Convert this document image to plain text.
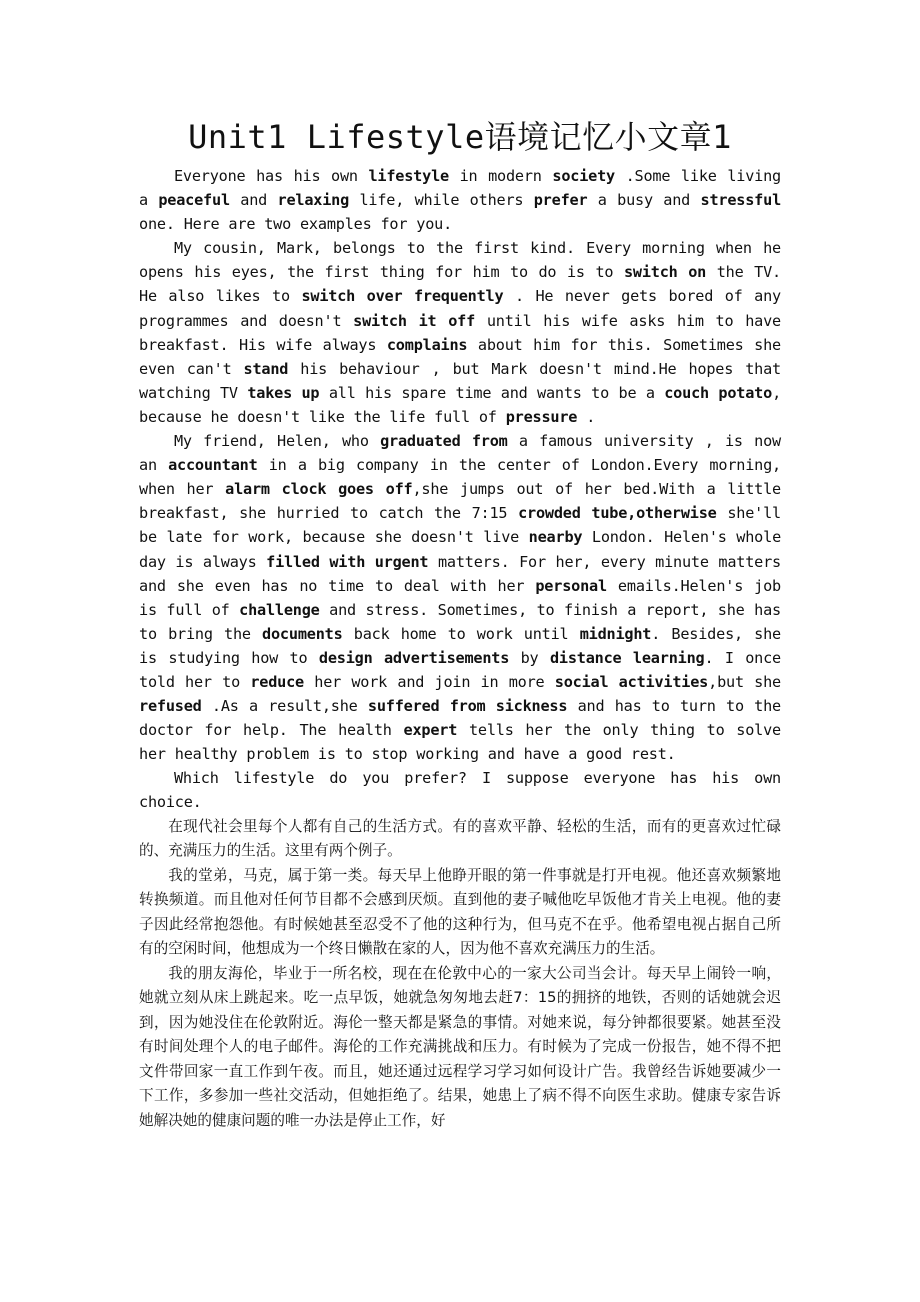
Unit1 Lifestyle语境记忆小文章1

Everyone has his own lifestyle in modern society .Some like living a peaceful and relaxing life, while others prefer a busy and stressful one. Here are two examples for you.

My cousin, Mark, belongs to the first kind. Every morning when he opens his eyes, the first thing for him to do is to switch on the TV. He also likes to switch over frequently . He never gets bored of any programmes and doesn't switch it off until his wife asks him to have breakfast. His wife always complains about him for this. Sometimes she even can't stand his behaviour , but Mark doesn't mind.He hopes that watching TV takes up all his spare time and wants to be a couch potato, because he doesn't like the life full of pressure .

My friend, Helen, who graduated from a famous university , is now an accountant in a big company in the center of London.Every morning, when her alarm clock goes off,she jumps out of her bed.With a little breakfast, she hurried to catch the 7:15 crowded tube,otherwise she'll be late for work, because she doesn't live nearby London. Helen's whole day is always filled with urgent matters. For her, every minute matters and she even has no time to deal with her personal emails.Helen's job is full of challenge and stress. Sometimes, to finish a report, she has to bring the documents back home to work until midnight. Besides, she is studying how to design advertisements by distance learning. I once told her to reduce her work and join in more social activities,but she refused .As a result,she suffered from sickness and has to turn to the doctor for help. The health expert tells her the only thing to solve her healthy problem is to stop working and have a good rest.

Which lifestyle do you prefer? I suppose everyone has his own choice.

在现代社会里每个人都有自己的生活方式。有的喜欢平静、轻松的生活，而有的更喜欢过忙碌的、充满压力的生活。这里有两个例子。

我的堂弟，马克，属于第一类。每天早上他睁开眼的第一件事就是打开电视。他还喜欢频繁地转换频道。而且他对任何节目都不会感到厌烦。直到他的妻子喊他吃早饭他才肯关上电视。他的妻子因此经常抱怨他。有时候她甚至忍受不了他的这种行为，但马克不在乎。他希望电视占据自己所有的空闲时间，他想成为一个终日懒散在家的人，因为他不喜欢充满压力的生活。

我的朋友海伦，毕业于一所名校，现在在伦敦中心的一家大公司当会计。每天早上闹铃一响，她就立刻从床上跳起来。吃一点早饭，她就急匆匆地去赶7：15的拥挤的地铁，否则的话她就会迟到，因为她没住在伦敦附近。海伦一整天都是紧急的事情。对她来说，每分钟都很要紧。她甚至没有时间处理个人的电子邮件。海伦的工作充满挑战和压力。有时候为了完成一份报告，她不得不把文件带回家一直工作到午夜。而且，她还通过远程学习学习如何设计广告。我曾经告诉她要减少一下工作，多参加一些社交活动，但她拒绝了。结果，她患上了病不得不向医生求助。健康专家告诉她解决她的健康问题的唯一办法是停止工作，好
